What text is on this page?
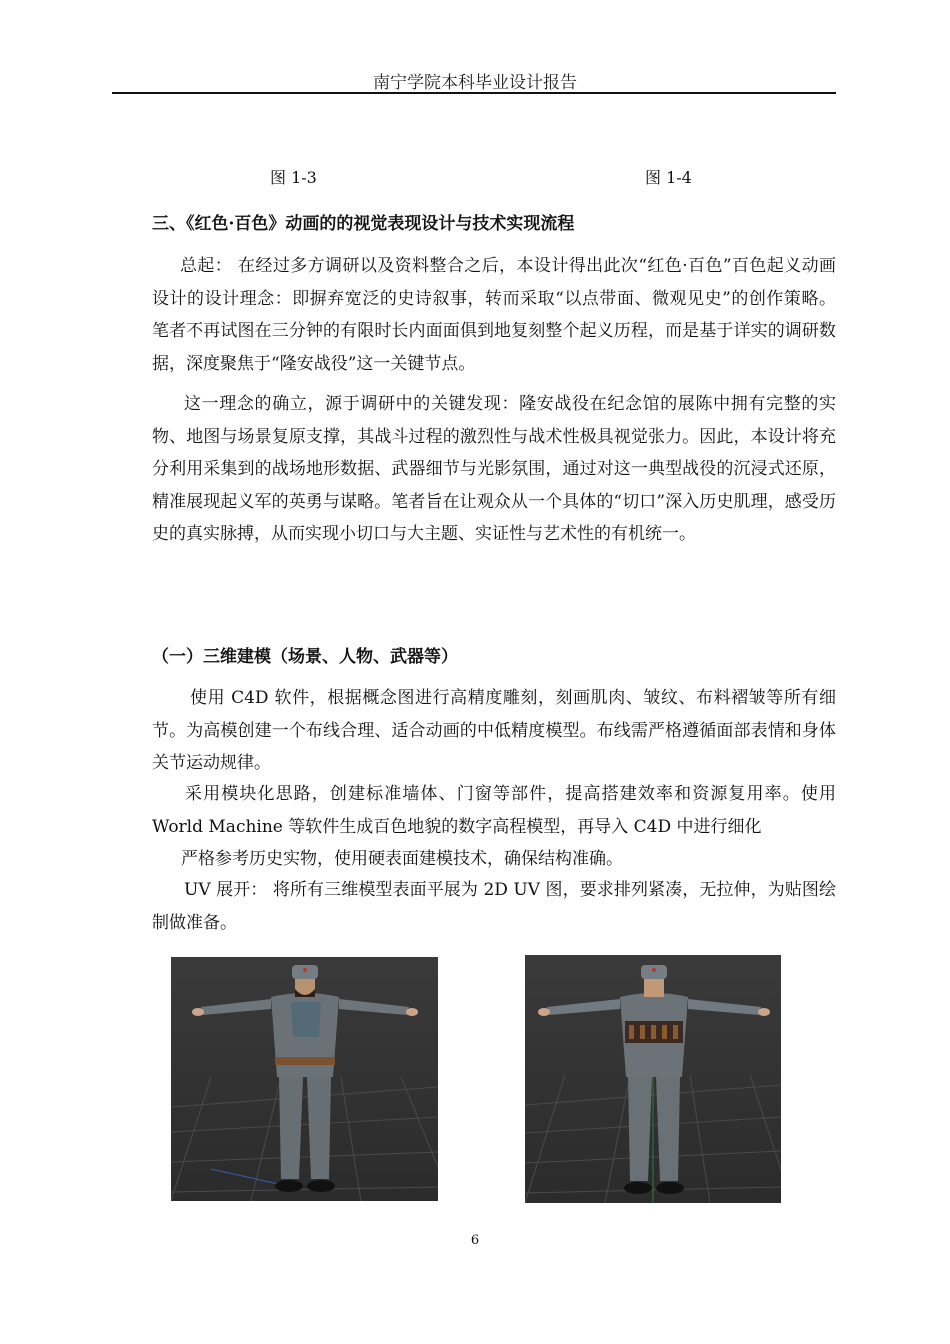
南宁学院本科毕业设计报告
图 1-3	图 1-4
三、《红色·百色》动画的的视觉表现设计与技术实现流程

总起： 在经过多方调研以及资料整合之后，本设计得出此次“红色·百色”百色起义动画设计的设计理念：即摒弃宽泛的史诗叙事，转而采取“以点带面、微观见史”的创作策略。 笔者不再试图在三分钟的有限时长内面面俱到地复刻整个起义历程，而是基于详实的调研数据，深度聚焦于“隆安战役”这一关键节点。

这一理念的确立，源于调研中的关键发现：隆安战役在纪念馆的展陈中拥有完整的实物、地图与场景复原支撑，其战斗过程的激烈性与战术性极具视觉张力。因此，本设计将充分利用采集到的战场地形数据、武器细节与光影氛围，通过对这一典型战役的沉浸式还原，精准展现起义军的英勇与谋略。笔者旨在让观众从一个具体的“切口”深入历史肌理，感受历史的真实脉搏，从而实现小切口与大主题、实证性与艺术性的有机统一。

（一）三维建模（场景、人物、武器等）

使用 C4D 软件，根据概念图进行高精度雕刻，刻画肌肉、皱纹、布料褶皱等所有细节。为高模创建一个布线合理、适合动画的中低精度模型。布线需严格遵循面部表情和身体关节运动规律。

采用模块化思路，创建标准墙体、门窗等部件，提高搭建效率和资源复用率。使用 World Machine 等软件生成百色地貌的数字高程模型，再导入 C4D 中进行细化

严格参考历史实物，使用硬表面建模技术，确保结构准确。

UV 展开： 将所有三维模型表面平展为 2D UV 图，要求排列紧凑，无拉伸，为贴图绘制做准备。

6
